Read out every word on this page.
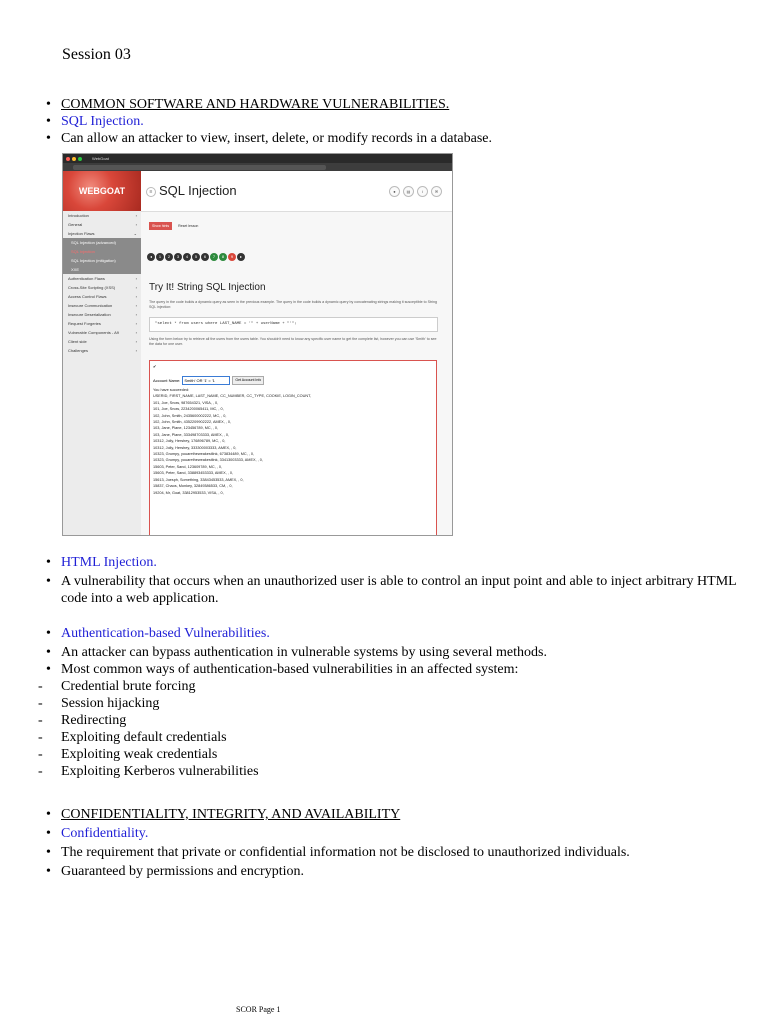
Session 03
• COMMON SOFTWARE AND HARDWARE VULNERABILITIES.
• SQL Injection.
• Can allow an attacker to view, insert, delete, or modify records in a database.
WebGoat
WEBGOAT
Introduction	›
General	›
Injection Flaws	⌄
SQL Injection (advanced)
SQL Injection
SQL Injection (mitigation)
XXE
Authentication Flaws	›
Cross-Site Scripting (XSS)	›
Access Control Flaws	›
Insecure Communication	›
Insecure Deserialization	›
Request Forgeries	›
Vulnerable Components - A9	›
Client side	›
Challenges	›
≡ SQL Injection	●	▤	i	✉
Show hints	Reset lesson
◂	1	2	3	4	5	6	7	8	9	▸
Try It! String SQL Injection
The query in the code builds a dynamic query as seen in the previous example. The query in the code builds a dynamic query by concatenating strings making it susceptible to String SQL injection:
"select * from users where LAST_NAME = '" + userName + "'";
Using the form below try to retrieve all the users from the users table. You shouldn't need to know any specific user name to get the complete list, however you can use 'Smith' to see the data for one user.
✔
Account Name:	Smith' OR '1' = '1	Get Account Info
You have succeeded:
USERID, FIRST_NAME, LAST_NAME, CC_NUMBER, CC_TYPE, COOKIE, LOGIN_COUNT,
101, Joe, Snow, 987654321, VISA, , 0,
101, Joe, Snow, 2234200065411, MC, , 0,
102, John, Smith, 2435600002222, MC, , 0,
102, John, Smith, 4352209902222, AMEX, , 0,
103, Jane, Plane, 123456789, MC, , 0,
103, Jane, Plane, 333498703333, AMEX, , 0,
10312, Jolly, Hershey, 176896789, MC, , 0,
10312, Jolly, Hershey, 333300003333, AMEX, , 0,
10323, Grumpy, youaretheweakestlink, 673834489, MC, , 0,
10323, Grumpy, youaretheweakestlink, 33413003333, AMEX, , 0,
15603, Peter, Sand, 123609789, MC, , 0,
15603, Peter, Sand, 338893453333, AMEX, , 0,
15613, Joesph, Something, 33843453533, AMEX, , 0,
15837, Chaos, Monkey, 32849386533, CM, , 0,
19204, Mr, Goat, 33812953533, VISA, , 0,
• HTML Injection.
• A vulnerability that occurs when an unauthorized user is able to control an input point and able to inject arbitrary HTML code into a web application.
• Authentication-based Vulnerabilities.
• An attacker can bypass authentication in vulnerable systems by using several methods.
• Most common ways of authentication-based vulnerabilities in an affected system:
- Credential brute forcing
- Session hijacking
- Redirecting
- Exploiting default credentials
- Exploiting weak credentials
- Exploiting Kerberos vulnerabilities
• CONFIDENTIALITY, INTEGRITY, AND AVAILABILITY
• Confidentiality.
• The requirement that private or confidential information not be disclosed to unauthorized individuals.
• Guaranteed by permissions and encryption.
SCOR Page 1
